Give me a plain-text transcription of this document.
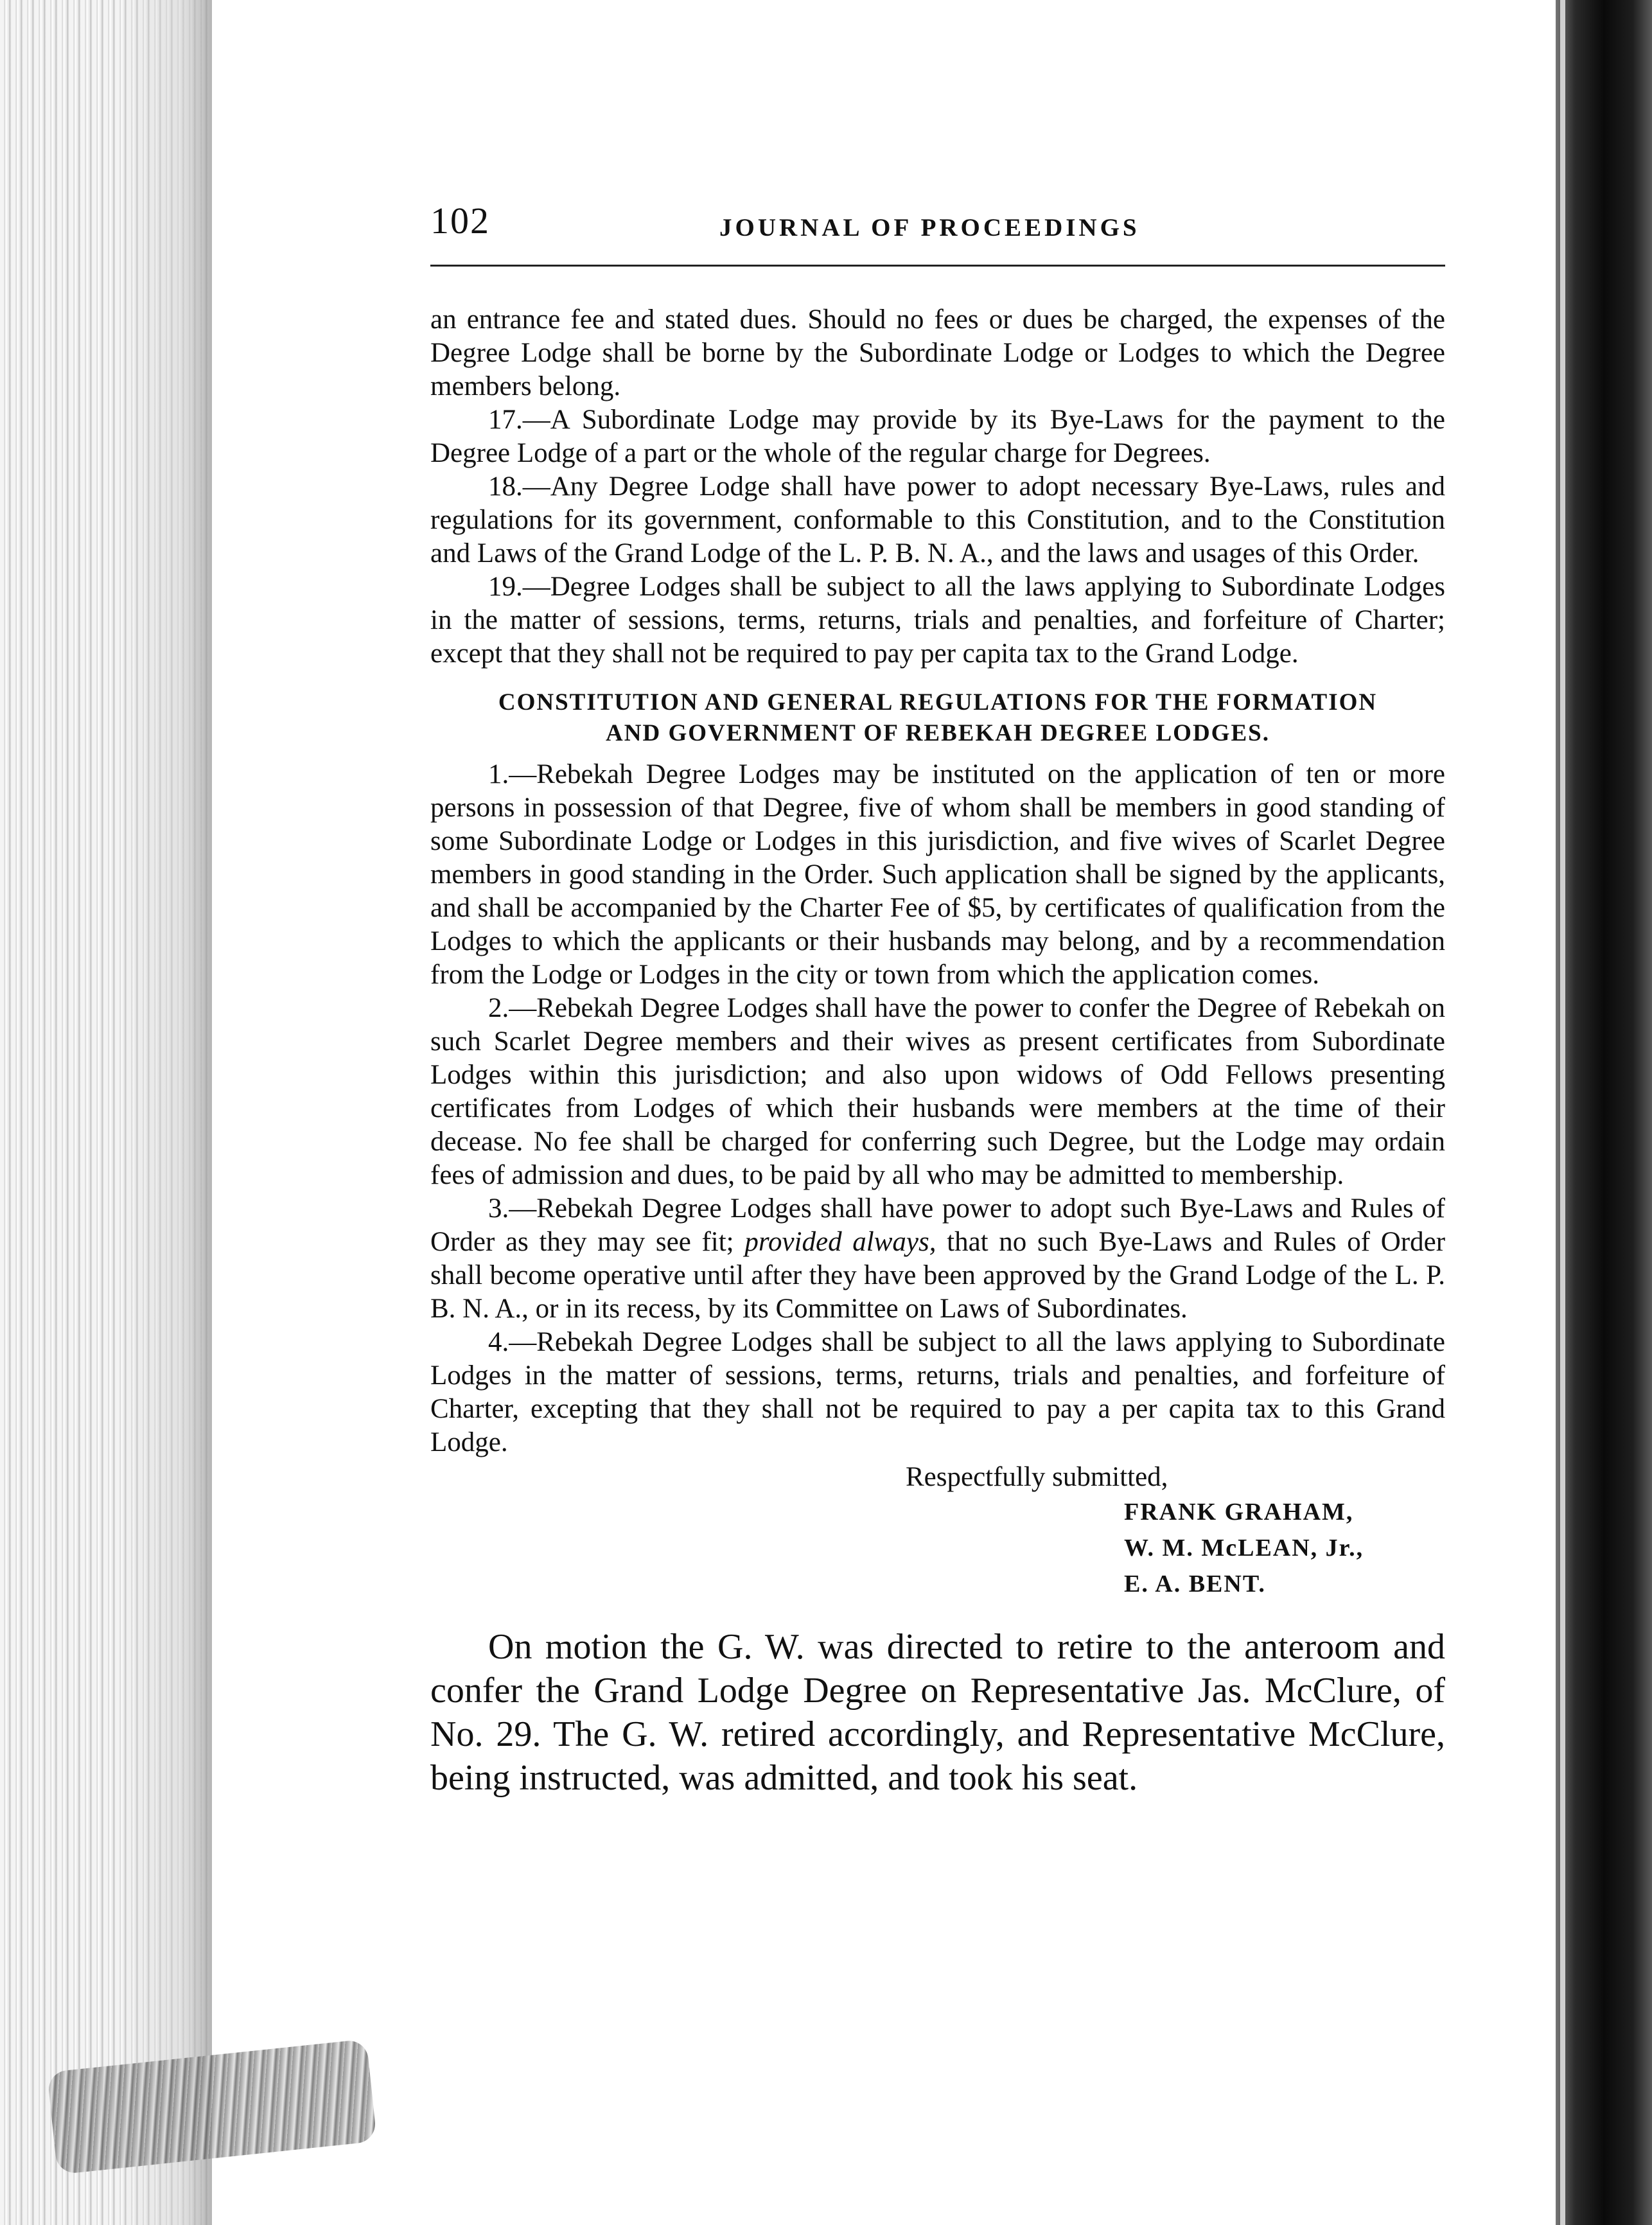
102	JOURNAL OF PROCEEDINGS

an entrance fee and stated dues. Should no fees or dues be charged, the expenses of the Degree Lodge shall be borne by the Subordinate Lodge or Lodges to which the Degree members belong.

17.—A Subordinate Lodge may provide by its Bye-Laws for the payment to the Degree Lodge of a part or the whole of the regular charge for Degrees.

18.—Any Degree Lodge shall have power to adopt necessary Bye-Laws, rules and regulations for its government, conformable to this Constitution, and to the Constitution and Laws of the Grand Lodge of the L. P. B. N. A., and the laws and usages of this Order.

19.—Degree Lodges shall be subject to all the laws applying to Subordinate Lodges in the matter of sessions, terms, returns, trials and penalties, and forfeiture of Charter; except that they shall not be required to pay per capita tax to the Grand Lodge.

CONSTITUTION AND GENERAL REGULATIONS FOR THE FORMATION
AND GOVERNMENT OF REBEKAH DEGREE LODGES.

1.—Rebekah Degree Lodges may be instituted on the application of ten or more persons in possession of that Degree, five of whom shall be members in good standing of some Subordinate Lodge or Lodges in this jurisdiction, and five wives of Scarlet Degree members in good standing in the Order. Such application shall be signed by the applicants, and shall be accompanied by the Charter Fee of $5, by certificates of qualification from the Lodges to which the applicants or their husbands may belong, and by a recommendation from the Lodge or Lodges in the city or town from which the application comes.

2.—Rebekah Degree Lodges shall have the power to confer the Degree of Rebekah on such Scarlet Degree members and their wives as present certificates from Subordinate Lodges within this jurisdiction; and also upon widows of Odd Fellows presenting certificates from Lodges of which their husbands were members at the time of their decease. No fee shall be charged for conferring such Degree, but the Lodge may ordain fees of admission and dues, to be paid by all who may be admitted to membership.

3.—Rebekah Degree Lodges shall have power to adopt such Bye-Laws and Rules of Order as they may see fit; provided always, that no such Bye-Laws and Rules of Order shall become operative until after they have been approved by the Grand Lodge of the L. P. B. N. A., or in its recess, by its Committee on Laws of Subordinates.

4.—Rebekah Degree Lodges shall be subject to all the laws applying to Subordinate Lodges in the matter of sessions, terms, returns, trials and penalties, and forfeiture of Charter, excepting that they shall not be required to pay a per capita tax to this Grand Lodge.

Respectfully submitted,

FRANK GRAHAM,
W. M. McLEAN, Jr.,
E. A. BENT.

On motion the G. W. was directed to retire to the anteroom and confer the Grand Lodge Degree on Representative Jas. McClure, of No. 29. The G. W. retired accordingly, and Representative McClure, being instructed, was admitted, and took his seat.
